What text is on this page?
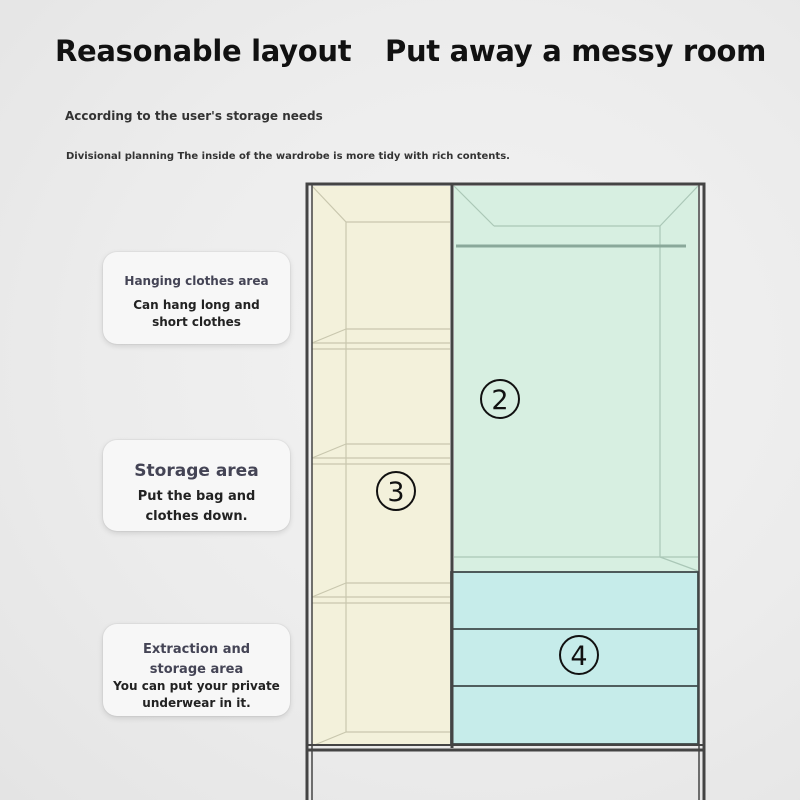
Reasonable layout Put away a messy room
According to the user's storage needs
Divisional planning The inside of the wardrobe is more tidy with rich contents.
Hanging clothes area
Can hang long and short clothes
Storage area
Put the bag and clothes down.
Extraction and storage area
You can put your private underwear in it.
2
3
4
